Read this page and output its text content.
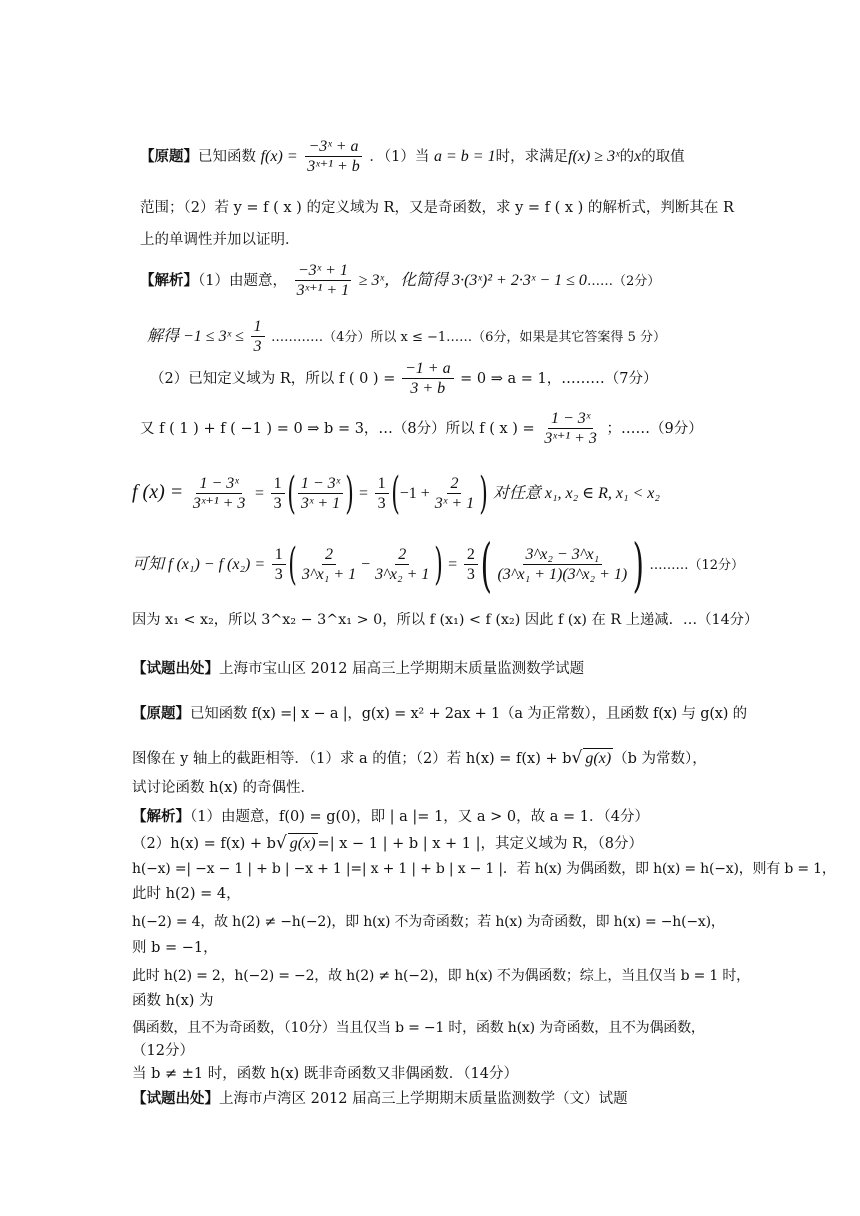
【原题】已知函数 $f(x) = \frac{\text{−3ˣ + a}}{\text{3ˣ⁺¹ + b}}$ ．（1）当 a = b = 1时，求满足f(x) ≥ 3ˣ的x的取值
范围；（2）若 y = f ( x ) 的定义域为 R，又是奇函数，求 y = f ( x ) 的解析式，判断其在 R
上的单调性并加以证明．
【解析】（1）由题意， $\frac{\text{−3ˣ + 1}}{\text{3ˣ⁺¹ + 1}}$ ≥ 3ˣ，化简得 3·(3ˣ)² + 2·3ˣ − 1 ≤ 0……（2分）
解得 −1 ≤ 3ˣ ≤ $\frac{1}{3}$ …………（4分）所以 x ≤ −1……（6分，如果是其它答案得 5 分）
（2）已知定义域为 R，所以 f ( 0 ) = $\frac{-1 + a}{3 + b} = 0$ ⇒ a = 1，………（7分）
又 f ( 1 ) + f ( −1 ) = 0 ⇒ b = 3，…（8分）所以 f ( x ) = $\frac{\text{1 − 3ˣ}}{\text{3ˣ⁺¹ + 3}}$ ；……（9分）
f $(x) = \frac{\text{1 − 3ˣ}}{\text{3ˣ⁺¹ + 3}} = \frac{1}{3}$ ( $\frac{\text{1 − 3ˣ}}{\text{3ˣ + 1}}$ ) = $\frac{1}{3} (-1 + \frac{2}{\text{3ˣ + 1}}$ ) 对任意 x₁, x₂ ∈ R, x₁ < x₂
可知 f (x₁) − f $(x_2) = \frac{1}{3}$ ( $\frac{2}{\text{3\textasciicircum{}x₁ + 1}} - \frac{2}{\text{3\textasciicircum{}x₂ + 1}}$ ) = $\frac{2}{3}$ ( $\frac{\text{3\textasciicircum{}x₂ − 3\textasciicircum{}x₁}}{\text{(3\textasciicircum{}x₁ + 1)(3\textasciicircum{}x₂ + 1)}}$ ) ………（12分）
因为 x₁ < x₂，所以 3^x₂ − 3^x₁ > 0，所以 f (x₁) < f (x₂) 因此 f (x) 在 R 上递减．…（14分）
【试题出处】上海市宝山区 2012 届高三上学期期末质量监测数学试题
【原题】已知函数 f(x) =| x − a |，g(x) = x² + 2ax + 1（a 为正常数），且函数 f(x) 与 g(x) 的
图像在 y 轴上的截距相等．（1）求 a 的值；（2）若 h(x) = f(x) + b√ g(x) （b 为常数），
试讨论函数 h(x) 的奇偶性．
【解析】（1）由题意，f(0) = g(0)，即 | a |= 1，又 a > 0，故 a = 1．（4分）
（2）h(x) = f(x) + b√ g(x) =| x − 1 | + b | x + 1 |，其定义域为 R，（8分）
h(−x) =| −x − 1 | + b | −x + 1 |=| x + 1 | + b | x − 1 |．若 h(x) 为偶函数，即 h(x) = h(−x)，则有 b = 1，
此时 h(2) = 4，
h(−2) = 4，故 h(2) ≠ −h(−2)，即 h(x) 不为奇函数；若 h(x) 为奇函数，即 h(x) = −h(−x)，
则 b = −1，
此时 h(2) = 2，h(−2) = −2，故 h(2) ≠ h(−2)，即 h(x) 不为偶函数；综上，当且仅当 b = 1 时，
函数 h(x) 为
偶函数，且不为奇函数，（10分）当且仅当 b = −1 时，函数 h(x) 为奇函数，且不为偶函数，
（12分）
当 b ≠ ±1 时，函数 h(x) 既非奇函数又非偶函数．（14分）
【试题出处】上海市卢湾区 2012 届高三上学期期末质量监测数学（文）试题
